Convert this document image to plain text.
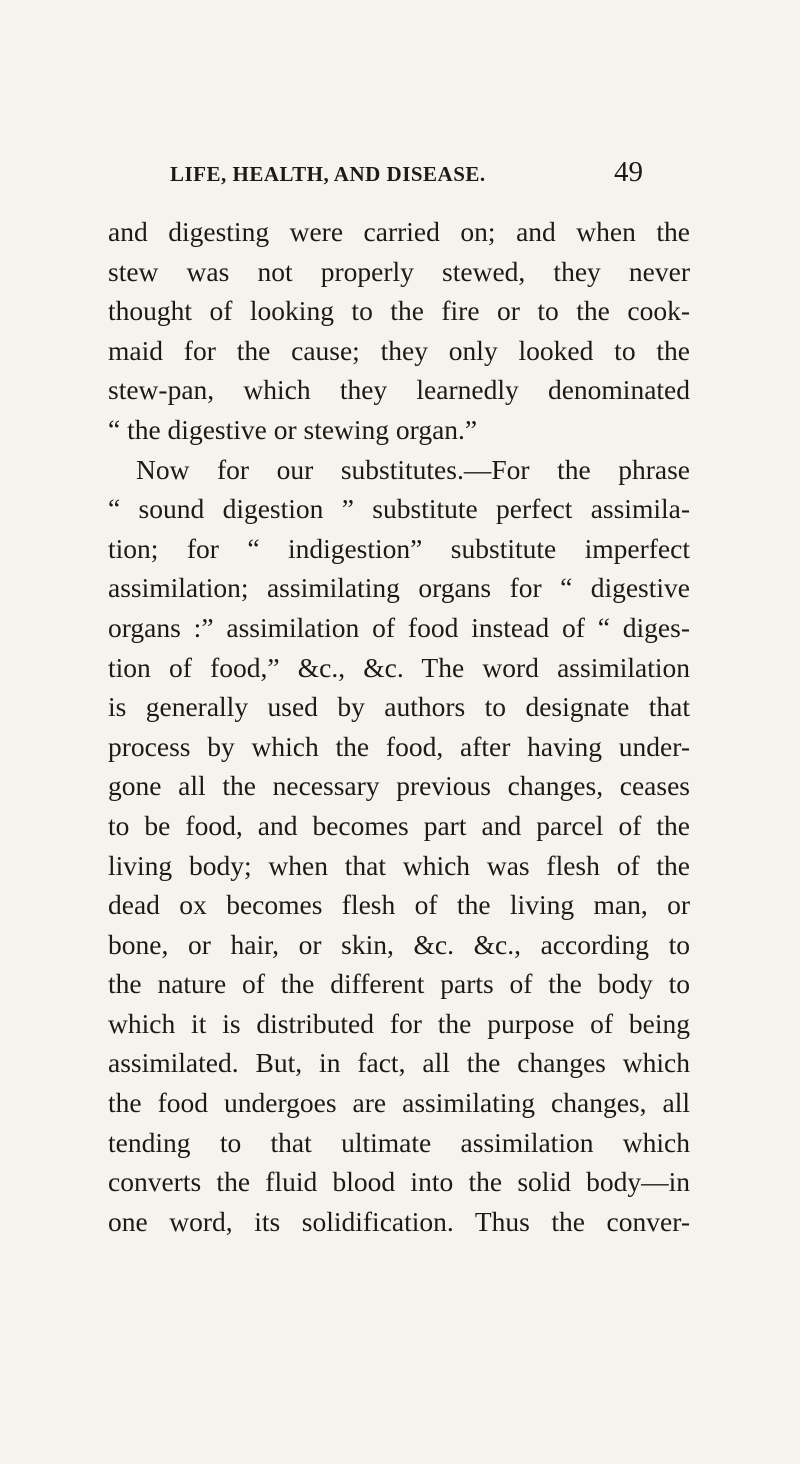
LIFE, HEALTH, AND DISEASE.	49
and digesting were carried on; and when the
stew was not properly stewed, they never
thought of looking to the fire or to the cook-
maid for the cause; they only looked to the
stew-pan, which they learnedly denominated
“ the digestive or stewing organ.”
Now for our substitutes.—For the phrase
“ sound digestion ” substitute perfect assimila-
tion; for “ indigestion” substitute imperfect
assimilation; assimilating organs for “ digestive
organs :” assimilation of food instead of “ diges-
tion of food,” &c., &c. The word assimilation
is generally used by authors to designate that
process by which the food, after having under-
gone all the necessary previous changes, ceases
to be food, and becomes part and parcel of the
living body; when that which was flesh of the
dead ox becomes flesh of the living man, or
bone, or hair, or skin, &c. &c., according to
the nature of the different parts of the body to
which it is distributed for the purpose of being
assimilated. But, in fact, all the changes which
the food undergoes are assimilating changes, all
tending to that ultimate assimilation which
converts the fluid blood into the solid body—in
one word, its solidification. Thus the conver-
